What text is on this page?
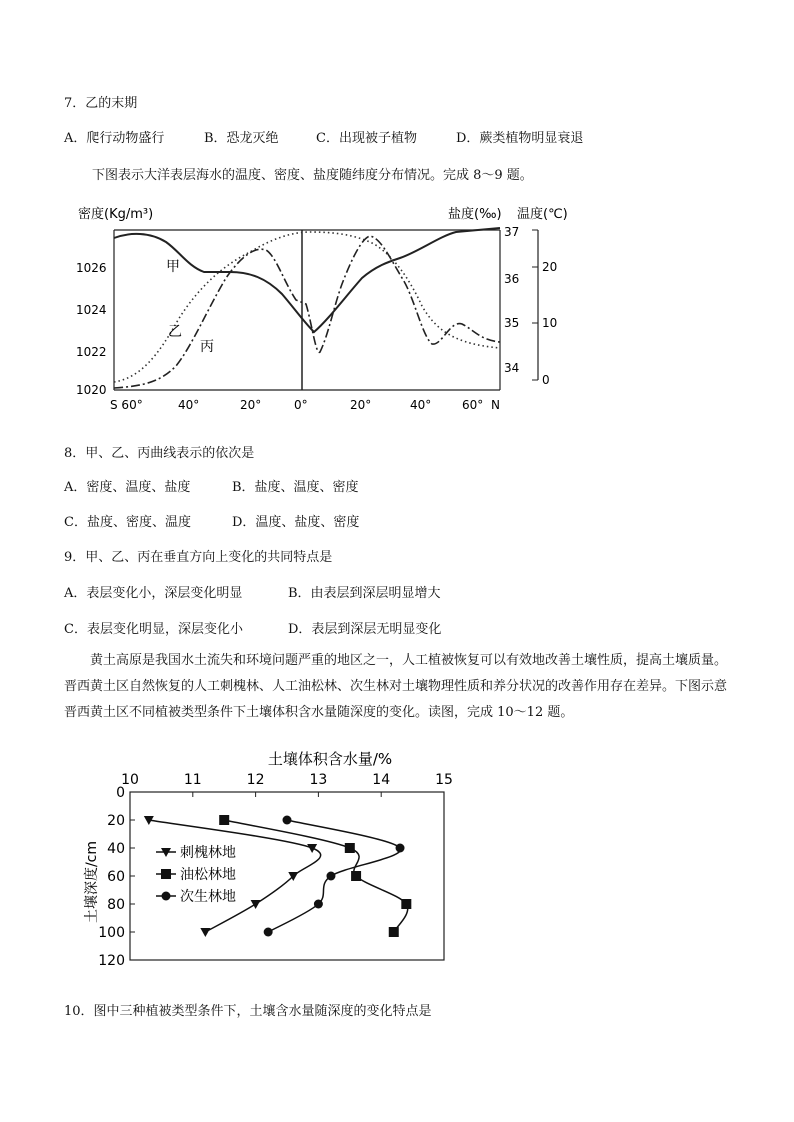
7．乙的末期
A．爬行动物盛行	B．恐龙灭绝	C．出现被子植物	D．蕨类植物明显衰退
下图表示大洋表层海水的温度、密度、盐度随纬度分布情况。完成 8～9 题。
密度(Kg/m³)	盐度(‰) 温度(℃)
1026
1024
1022
1020
37
36
35
34
20
10
0
S 60°	40°	20°	0°	20°	40°	60° N
甲
乙
丙
8．甲、乙、丙曲线表示的依次是
A．密度、温度、盐度	B．盐度、温度、密度
C．盐度、密度、温度	D．温度、盐度、密度
9．甲、乙、丙在垂直方向上变化的共同特点是
A．表层变化小，深层变化明显	B．由表层到深层明显增大
C．表层变化明显，深层变化小	D．表层到深层无明显变化
黄土高原是我国水土流失和环境问题严重的地区之一，人工植被恢复可以有效地改善土壤性质，提高土壤质量。晋西黄土区自然恢复的人工刺槐林、人工油松林、次生林对土壤物理性质和养分状况的改善作用存在差异。下图示意晋西黄土区不同植被类型条件下土壤体积含水量随深度的变化。读图，完成 10～12 题。
土壤体积含水量/%
土壤深度/cm
10	11	12	13	14	15
0
20
40
60
80
100
120
刺槐林地
油松林地
次生林地
10．图中三种植被类型条件下，土壤含水量随深度的变化特点是
